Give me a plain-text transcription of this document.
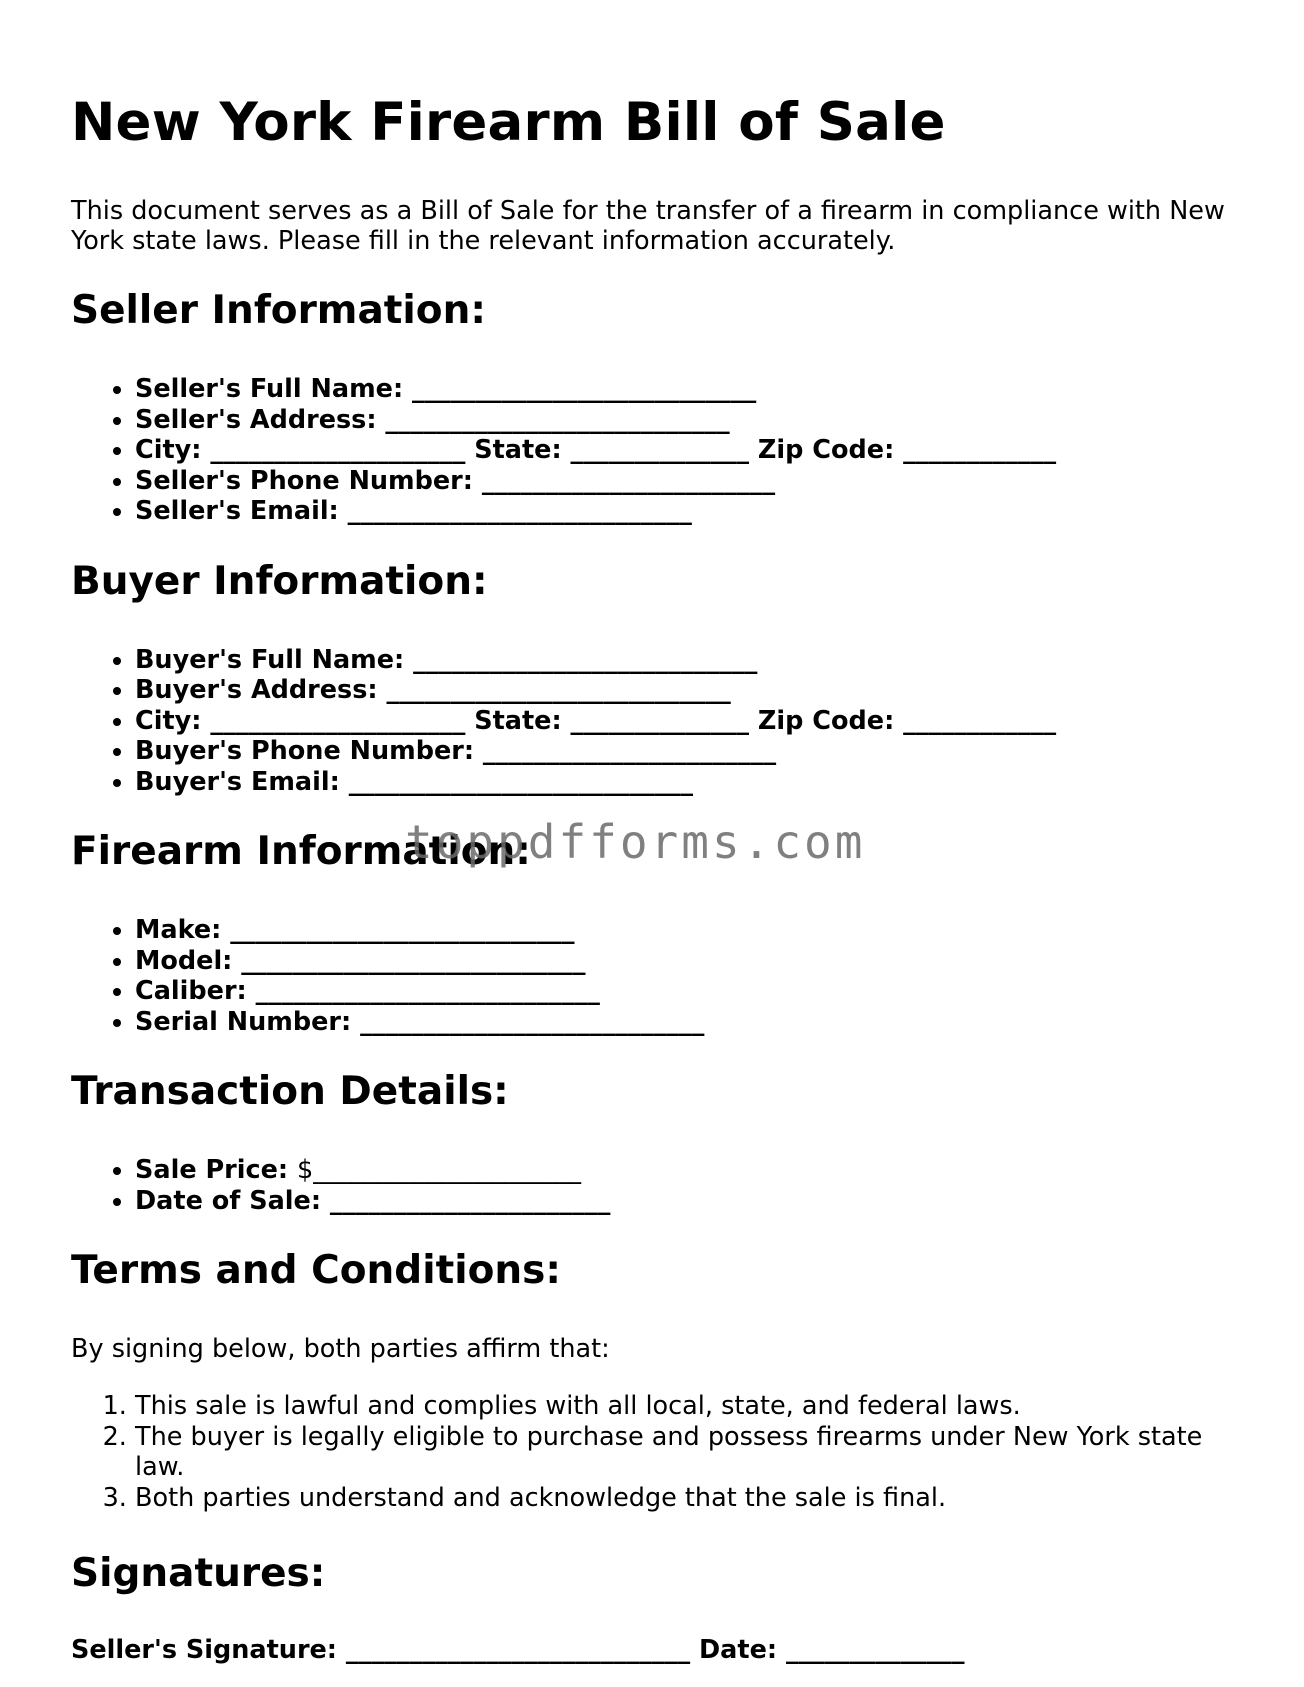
New York Firearm Bill of Sale

This document serves as a Bill of Sale for the transfer of a firearm in compliance with New York state laws. Please fill in the relevant information accurately.

Seller Information:
• Seller's Full Name: ___________________________
• Seller's Address: ___________________________
• City: ____________________ State: ______________ Zip Code: ____________
• Seller's Phone Number: _______________________
• Seller's Email: ___________________________
Buyer Information:
• Buyer's Full Name: ___________________________
• Buyer's Address: ___________________________
• City: ____________________ State: ______________ Zip Code: ____________
• Buyer's Phone Number: _______________________
• Buyer's Email: ___________________________
Firearm Information:
• Make: ___________________________
• Model: ___________________________
• Caliber: ___________________________
• Serial Number: ___________________________
Transaction Details:
• Sale Price: $_____________________
• Date of Sale: ______________________
Terms and Conditions:

By signing below, both parties affirm that:

1. This sale is lawful and complies with all local, state, and federal laws.
2. The buyer is legally eligible to purchase and possess firearms under New York state law.
3. Both parties understand and acknowledge that the sale is final.
Signatures:
Seller's Signature: ___________________________ Date: ______________
toppdfforms.com
